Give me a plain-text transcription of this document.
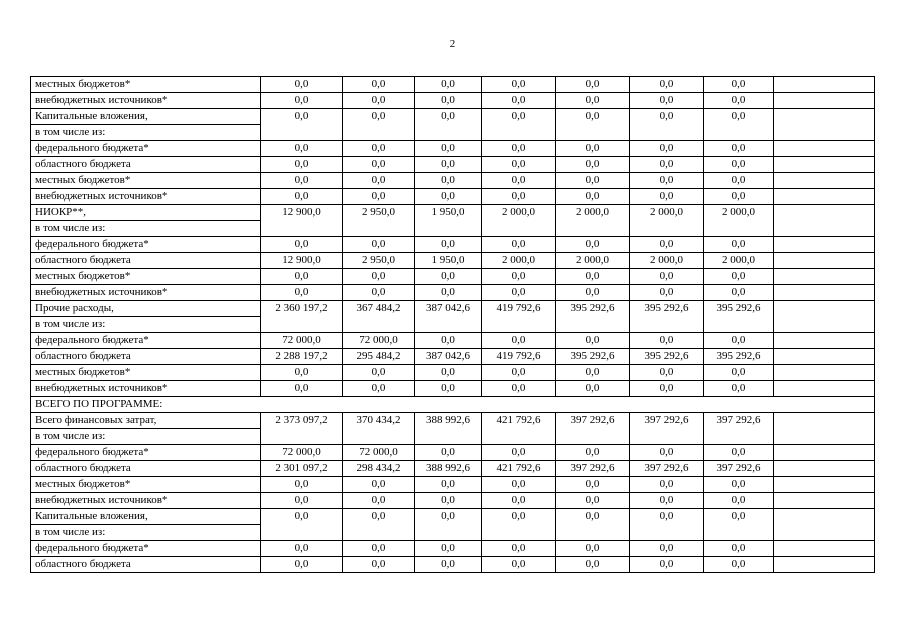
2
местных бюджетов*	0,0	0,0	0,0	0,0	0,0	0,0	0,0	
внебюджетных источников*	0,0	0,0	0,0	0,0	0,0	0,0	0,0	
Капитальные вложения,	0,0	0,0	0,0	0,0	0,0	0,0	0,0	
в том числе из:								
федерального бюджета*	0,0	0,0	0,0	0,0	0,0	0,0	0,0	
областного бюджета	0,0	0,0	0,0	0,0	0,0	0,0	0,0	
местных бюджетов*	0,0	0,0	0,0	0,0	0,0	0,0	0,0	
внебюджетных источников*	0,0	0,0	0,0	0,0	0,0	0,0	0,0	
НИОКР**,	12 900,0	2 950,0	1 950,0	2 000,0	2 000,0	2 000,0	2 000,0	
в том числе из:								
федерального бюджета*	0,0	0,0	0,0	0,0	0,0	0,0	0,0	
областного бюджета	12 900,0	2 950,0	1 950,0	2 000,0	2 000,0	2 000,0	2 000,0	
местных бюджетов*	0,0	0,0	0,0	0,0	0,0	0,0	0,0	
внебюджетных источников*	0,0	0,0	0,0	0,0	0,0	0,0	0,0	
Прочие расходы,	2 360 197,2	367 484,2	387 042,6	419 792,6	395 292,6	395 292,6	395 292,6	
в том числе из:								
федерального бюджета*	72 000,0	72 000,0	0,0	0,0	0,0	0,0	0,0	
областного бюджета	2 288 197,2	295 484,2	387 042,6	419 792,6	395 292,6	395 292,6	395 292,6	
местных бюджетов*	0,0	0,0	0,0	0,0	0,0	0,0	0,0	
внебюджетных источников*	0,0	0,0	0,0	0,0	0,0	0,0	0,0	
ВСЕГО ПО ПРОГРАММЕ:								
Всего финансовых затрат,	2 373 097,2	370 434,2	388 992,6	421 792,6	397 292,6	397 292,6	397 292,6	
в том числе из:								
федерального бюджета*	72 000,0	72 000,0	0,0	0,0	0,0	0,0	0,0	
областного бюджета	2 301 097,2	298 434,2	388 992,6	421 792,6	397 292,6	397 292,6	397 292,6	
местных бюджетов*	0,0	0,0	0,0	0,0	0,0	0,0	0,0	
внебюджетных источников*	0,0	0,0	0,0	0,0	0,0	0,0	0,0	
Капитальные вложения,	0,0	0,0	0,0	0,0	0,0	0,0	0,0	
в том числе из:								
федерального бюджета*	0,0	0,0	0,0	0,0	0,0	0,0	0,0	
областного бюджета	0,0	0,0	0,0	0,0	0,0	0,0	0,0	
